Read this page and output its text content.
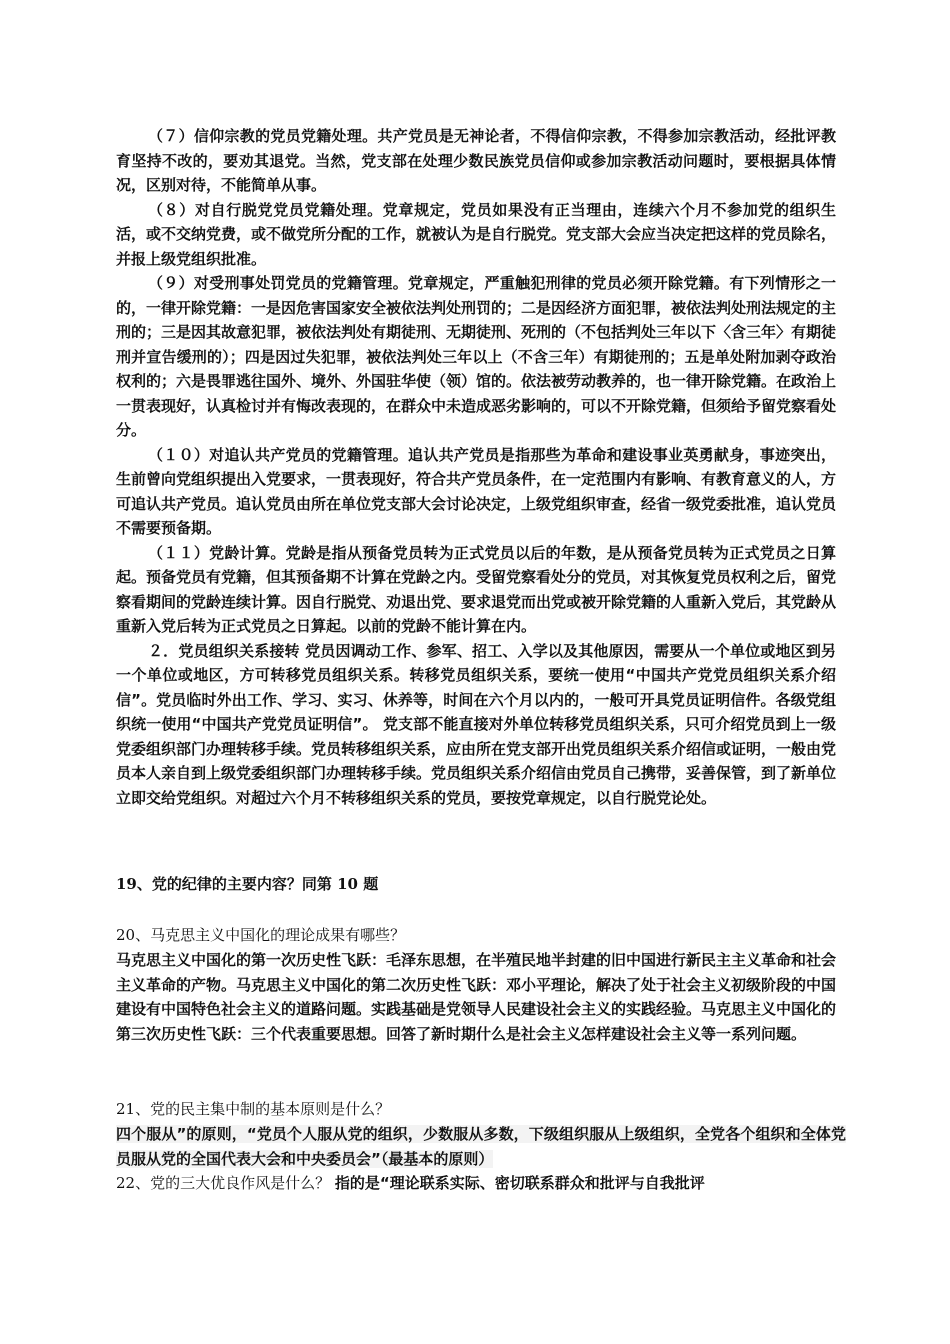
（７）信仰宗教的党员党籍处理。共产党员是无神论者，不得信仰宗教，不得参加宗教活动，经批评教育坚持不改的，要劝其退党。当然，党支部在处理少数民族党员信仰或参加宗教活动问题时，要根据具体情况，区别对待，不能简单从事。

（８）对自行脱党党员党籍处理。党章规定，党员如果没有正当理由，连续六个月不参加党的组织生活，或不交纳党费，或不做党所分配的工作，就被认为是自行脱党。党支部大会应当决定把这样的党员除名，并报上级党组织批准。

（９）对受刑事处罚党员的党籍管理。党章规定，严重触犯刑律的党员必须开除党籍。有下列情形之一的，一律开除党籍：一是因危害国家安全被依法判处刑罚的；二是因经济方面犯罪，被依法判处刑法规定的主刑的；三是因其故意犯罪，被依法判处有期徒刑、无期徒刑、死刑的（不包括判处三年以下〈含三年〉有期徒刑并宣告缓刑的）；四是因过失犯罪，被依法判处三年以上（不含三年）有期徒刑的；五是单处附加剥夺政治权利的；六是畏罪逃往国外、境外、外国驻华使（领）馆的。依法被劳动教养的，也一律开除党籍。在政治上一贯表现好，认真检讨并有悔改表现的，在群众中未造成恶劣影响的，可以不开除党籍，但须给予留党察看处分。

（１０）对追认共产党员的党籍管理。追认共产党员是指那些为革命和建设事业英勇献身，事迹突出，生前曾向党组织提出入党要求，一贯表现好，符合共产党员条件，在一定范围内有影响、有教育意义的人，方可追认共产党员。追认党员由所在单位党支部大会讨论决定，上级党组织审查，经省一级党委批准，追认党员不需要预备期。

（１１）党龄计算。党龄是指从预备党员转为正式党员以后的年数，是从预备党员转为正式党员之日算起。预备党员有党籍，但其预备期不计算在党龄之内。受留党察看处分的党员，对其恢复党员权利之后，留党察看期间的党龄连续计算。因自行脱党、劝退出党、要求退党而出党或被开除党籍的人重新入党后，其党龄从重新入党后转为正式党员之日算起。以前的党龄不能计算在内。

２．党员组织关系接转 党员因调动工作、参军、招工、入学以及其他原因，需要从一个单位或地区到另一个单位或地区，方可转移党员组织关系。转移党员组织关系，要统一使用“中国共产党党员组织关系介绍信”。党员临时外出工作、学习、实习、休养等，时间在六个月以内的，一般可开具党员证明信件。各级党组织统一使用“中国共产党党员证明信”。 党支部不能直接对外单位转移党员组织关系，只可介绍党员到上一级党委组织部门办理转移手续。党员转移组织关系，应由所在党支部开出党员组织关系介绍信或证明，一般由党员本人亲自到上级党委组织部门办理转移手续。党员组织关系介绍信由党员自己携带，妥善保管，到了新单位立即交给党组织。对超过六个月不转移组织关系的党员，要按党章规定，以自行脱党论处。

19、党的纪律的主要内容？同第 10 题
20、马克思主义中国化的理论成果有哪些？
马克思主义中国化的第一次历史性飞跃：毛泽东思想，在半殖民地半封建的旧中国进行新民主主义革命和社会主义革命的产物。马克思主义中国化的第二次历史性飞跃：邓小平理论，解决了处于社会主义初级阶段的中国建设有中国特色社会主义的道路问题。实践基础是党领导人民建设社会主义的实践经验。马克思主义中国化的第三次历史性飞跃：三个代表重要思想。回答了新时期什么是社会主义怎样建设社会主义等一系列问题。
21、党的民主集中制的基本原则是什么？
四个服从”的原则，“党员个人服从党的组织，少数服从多数，下级组织服从上级组织，全党各个组织和全体党员服从党的全国代表大会和中央委员会”（最基本的原则）
22、党的三大优良作风是什么？ 指的是“理论联系实际、密切联系群众和批评与自我批评
